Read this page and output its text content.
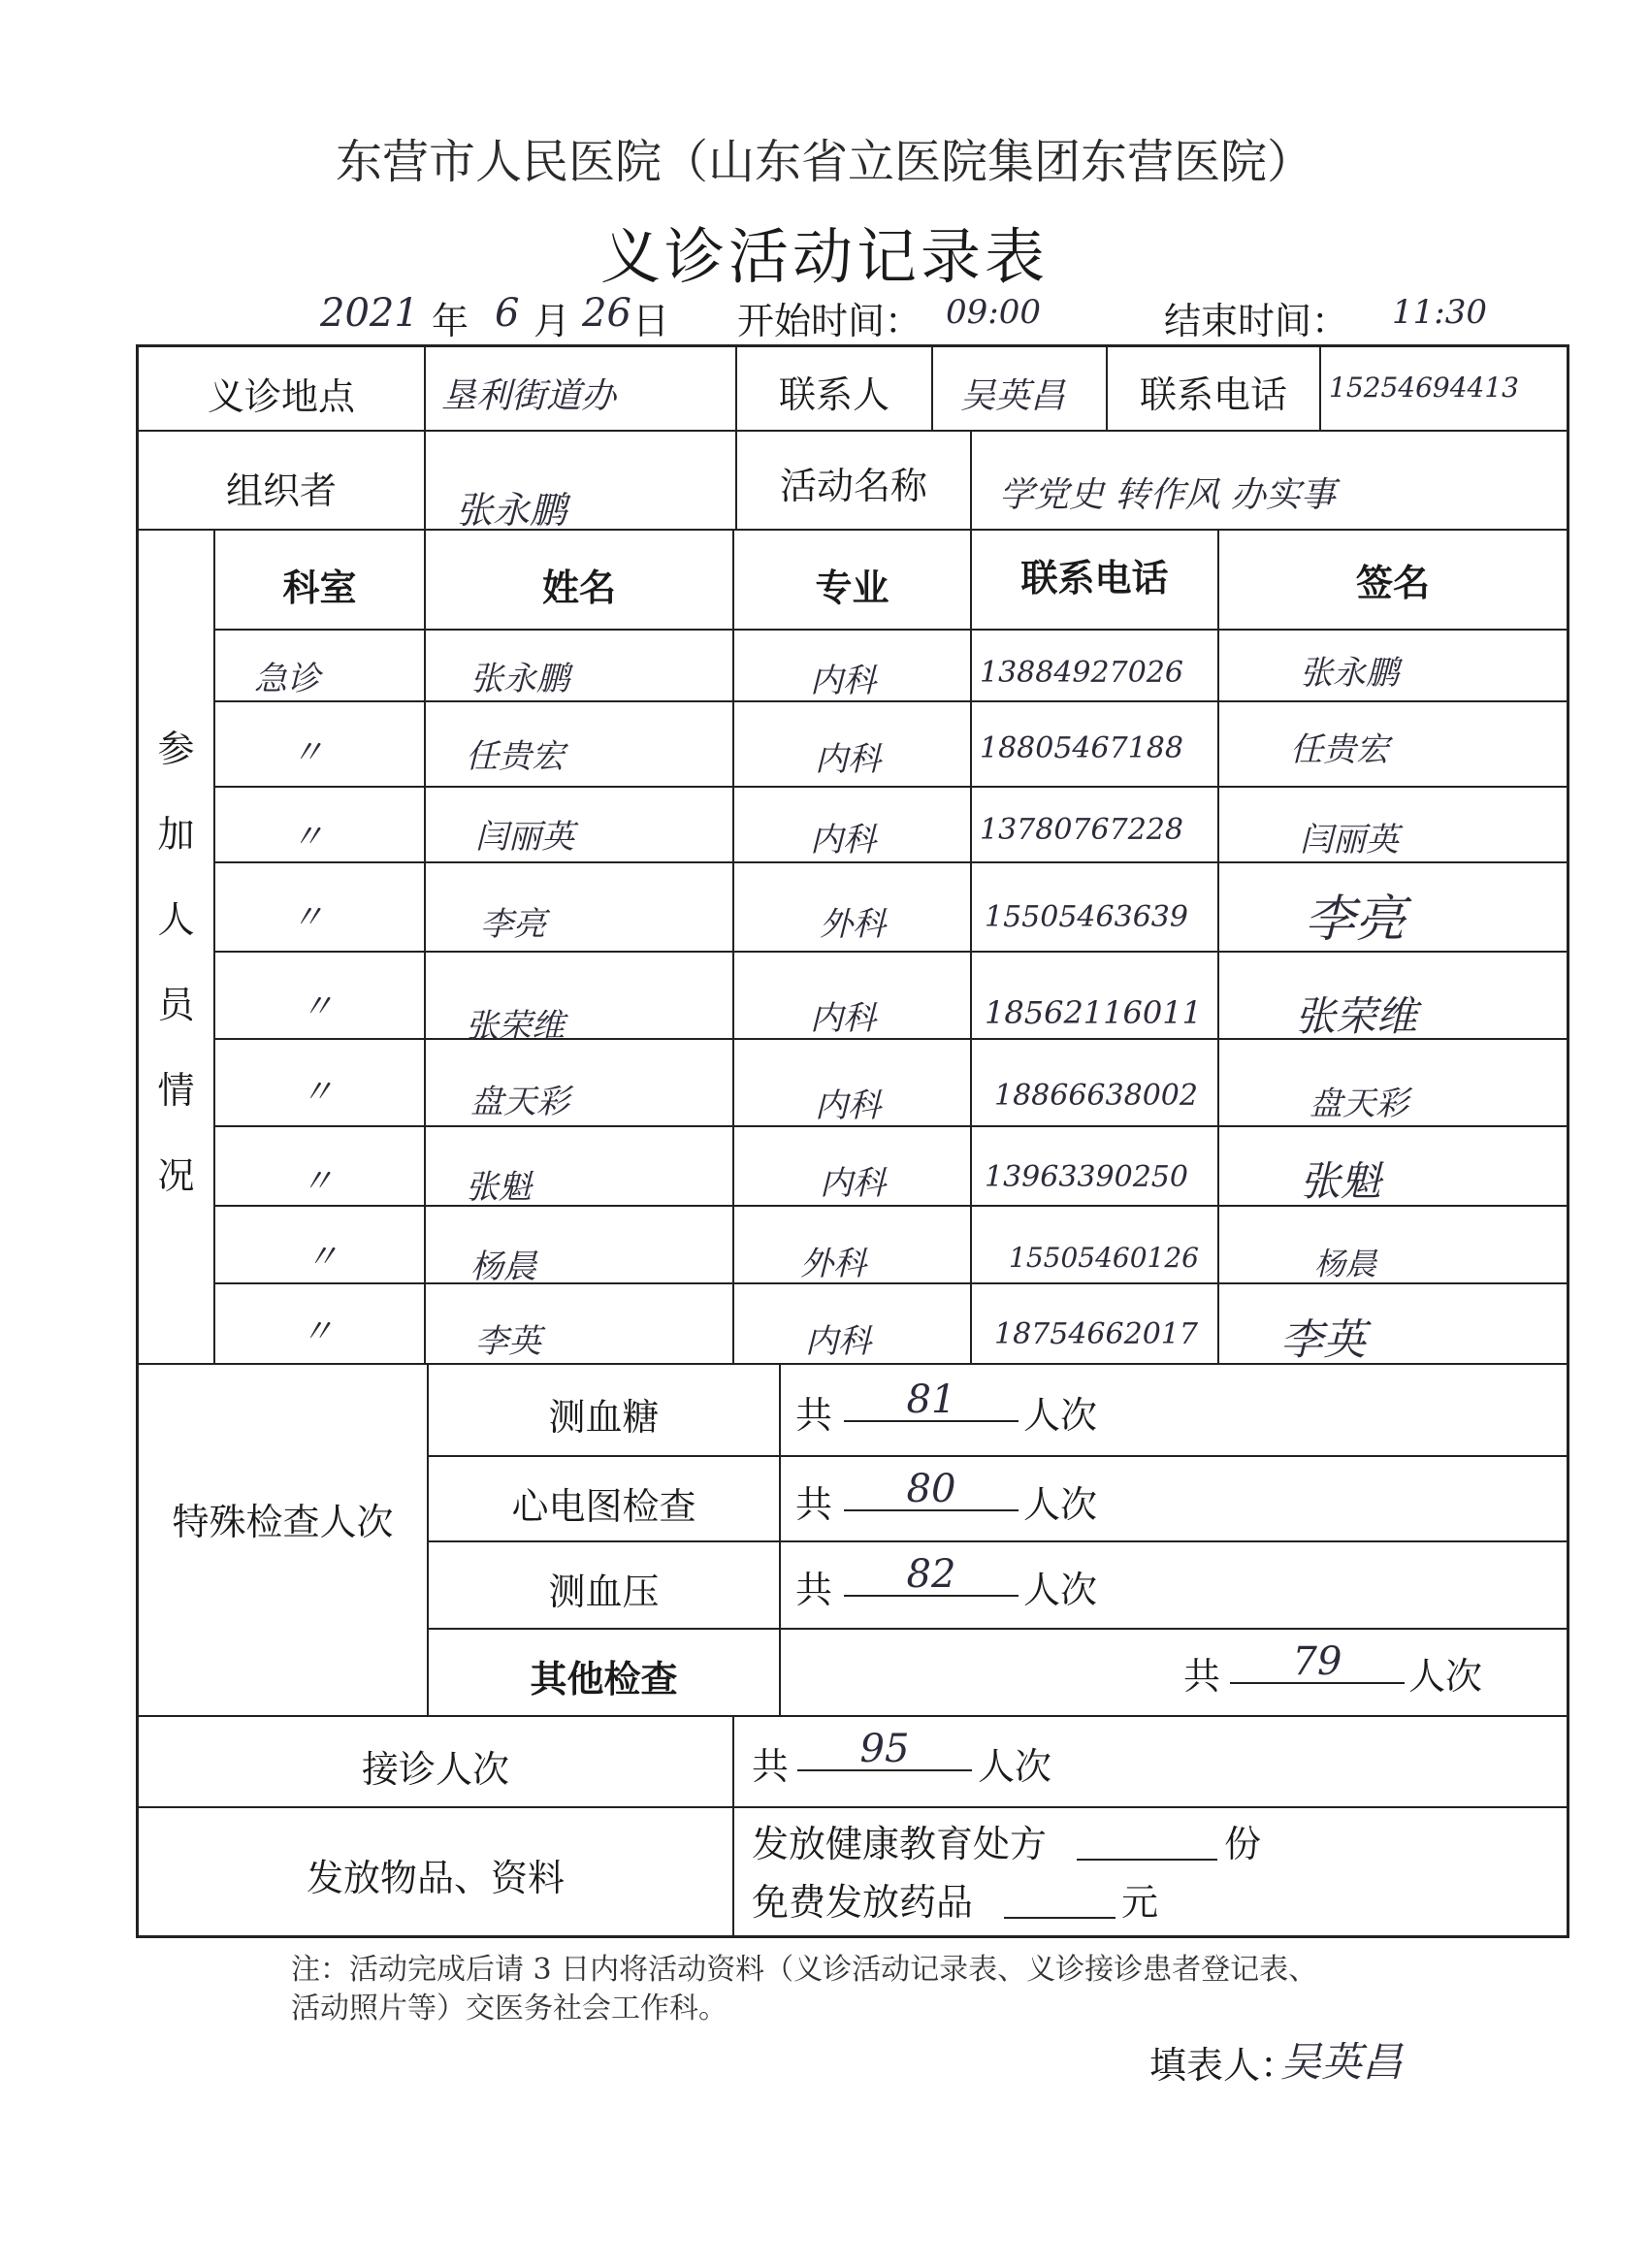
东营市人民医院（山东省立医院集团东营医院）
义诊活动记录表
2021 年 6 月 26 日 开始时间： 09:00	结束时间： 11:30
义诊地点	垦利街道办	联系人	吴英昌	联系电话	15254694413
组织者	张永鹏
活动名称	学党史 转作风 办实事
参
加
人
员
情
况
科室	姓名	专业	联系电话	签名
急诊	张永鹏	内科	13884927026	张永鹏
〃	任贵宏	内科	18805467188	任贵宏
〃	闫丽英	内科	13780767228	闫丽英
〃	李亮	外科	15505463639 李亮
〃	张荣维	内科	18562116011 张荣维
〃	盘天彩	内科	18866638002	盘天彩
〃	张魁	内科	13963390250	张魁
〃	杨晨	外科	15505460126	杨晨
〃	李英	内科	18754662017 李英
特殊检查人次
测血糖	共	81	人次
心电图检查	共	80	人次
测血压	共	82	人次
其他检查	共	79	人次
接诊人次	共	95	人次
发放物品、资料
发放健康教育处方	份
免费发放药品	元
注：活动完成后请 3 日内将活动资料（义诊活动记录表、义诊接诊患者登记表、
活动照片等）交医务社会工作科。
填表人：
吴英昌
